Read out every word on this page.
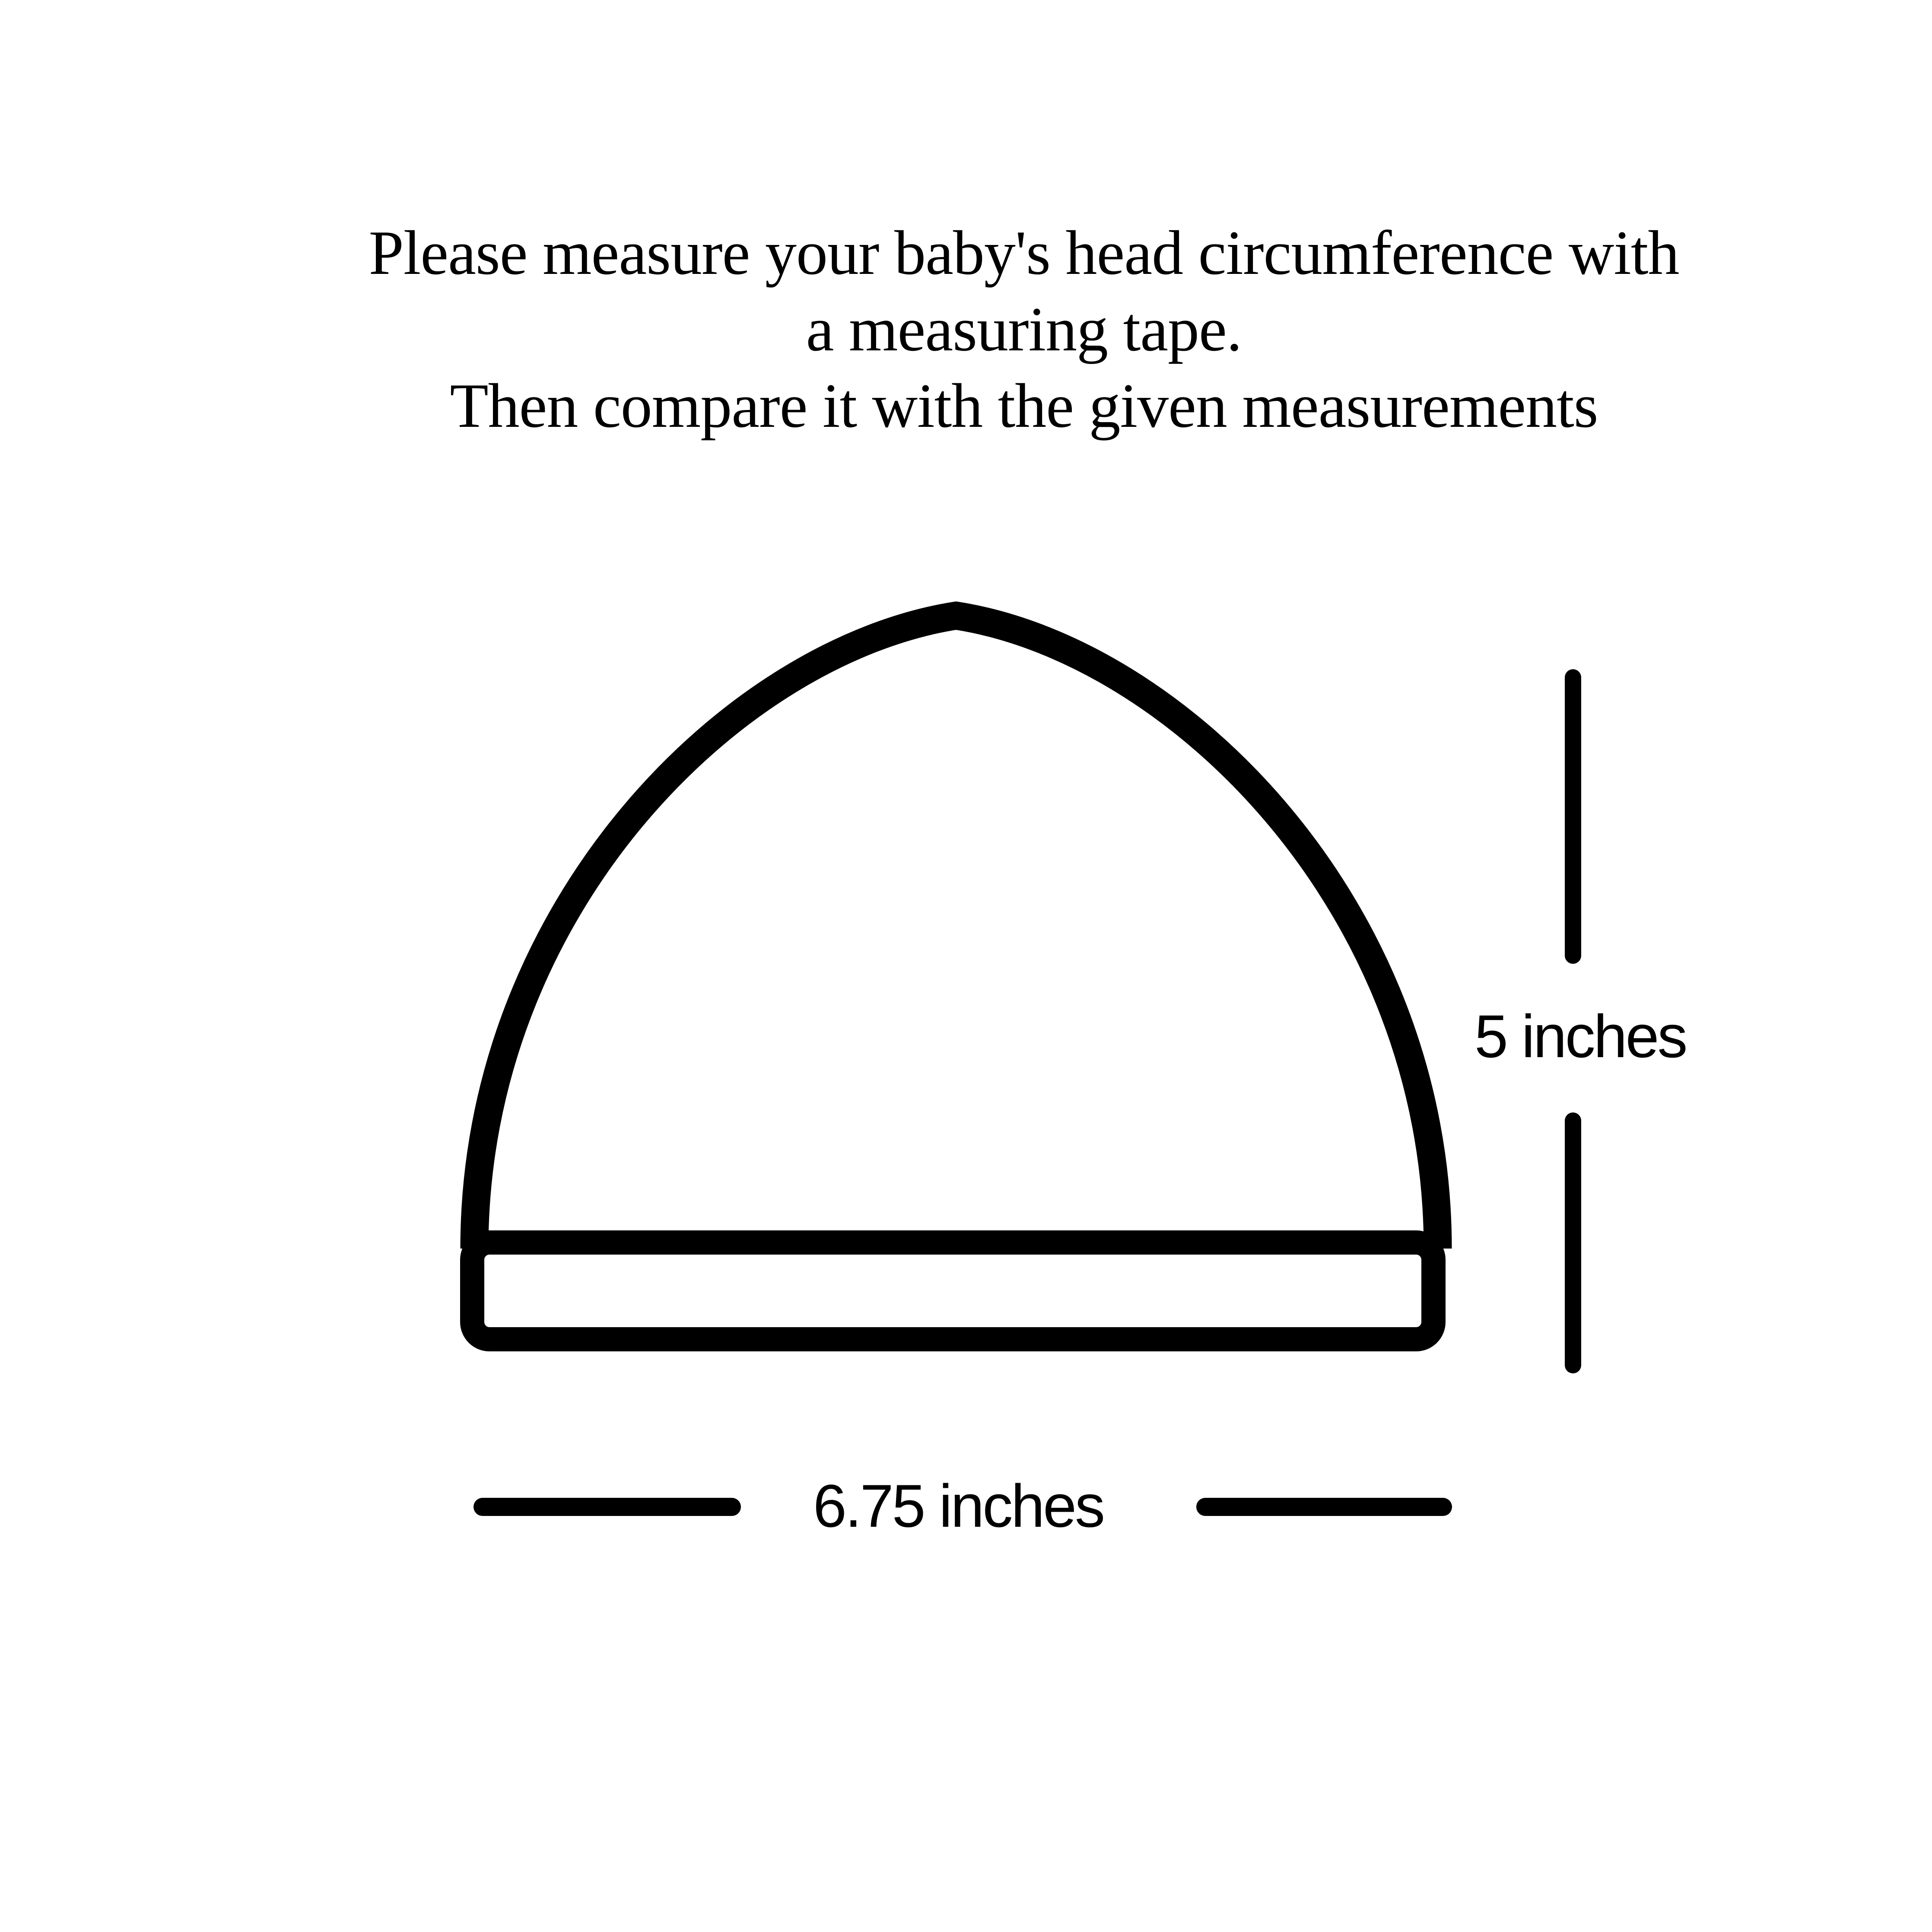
Please measure your baby's head circumference with
a measuring tape.
Then compare it with the given measurements
5 inches
6.75 inches
